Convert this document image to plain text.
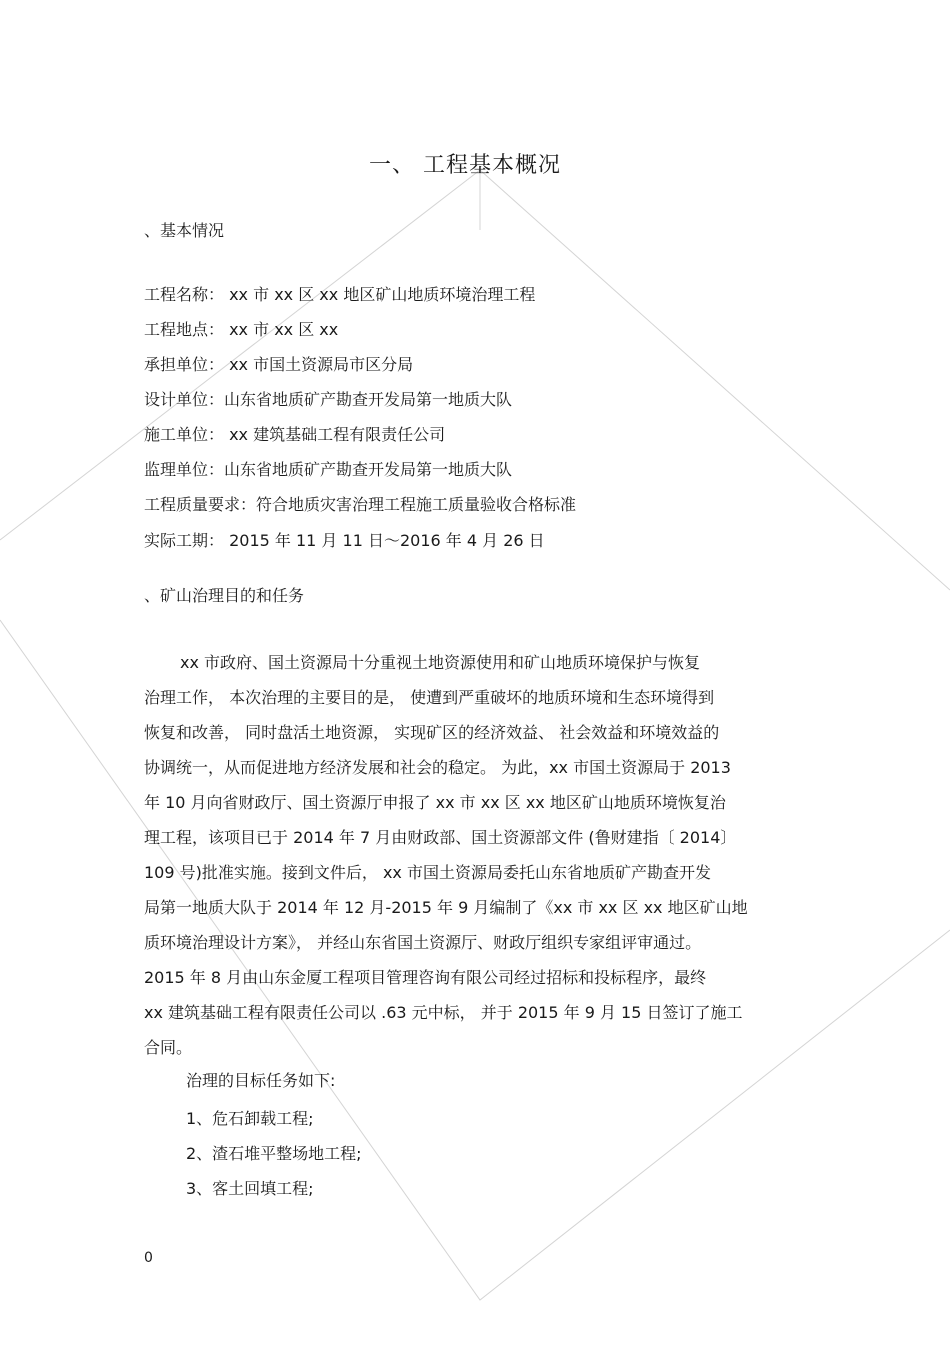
一、 工程基本概况
、基本情况
工程名称： xx 市 xx 区 xx 地区矿山地质环境治理工程
工程地点： xx 市 xx 区 xx
承担单位： xx 市国土资源局市区分局
设计单位：山东省地质矿产勘查开发局第一地质大队
施工单位： xx 建筑基础工程有限责任公司
监理单位：山东省地质矿产勘查开发局第一地质大队
工程质量要求：符合地质灾害治理工程施工质量验收合格标准
实际工期： 2015 年 11 月 11 日～2016 年 4 月 26 日
、矿山治理目的和任务
xx 市政府、国土资源局十分重视土地资源使用和矿山地质环境保护与恢复
治理工作， 本次治理的主要目的是， 使遭到严重破坏的地质环境和生态环境得到
恢复和改善， 同时盘活土地资源， 实现矿区的经济效益、 社会效益和环境效益的
协调统一，从而促进地方经济发展和社会的稳定。 为此，xx 市国土资源局于 2013
年 10 月向省财政厅、国土资源厅申报了 xx 市 xx 区 xx 地区矿山地质环境恢复治
理工程，该项目已于 2014 年 7 月由财政部、国土资源部文件 (鲁财建指〔 2014〕
109 号)批准实施。接到文件后， xx 市国土资源局委托山东省地质矿产勘查开发
局第一地质大队于 2014 年 12 月-2015 年 9 月编制了《xx 市 xx 区 xx 地区矿山地
质环境治理设计方案》， 并经山东省国土资源厅、财政厅组织专家组评审通过。
2015 年 8 月由山东金厦工程项目管理咨询有限公司经过招标和投标程序，最终
xx 建筑基础工程有限责任公司以 .63 元中标， 并于 2015 年 9 月 15 日签订了施工
合同。
治理的目标任务如下:
1、危石卸载工程;
2、渣石堆平整场地工程;
3、客土回填工程;
0
